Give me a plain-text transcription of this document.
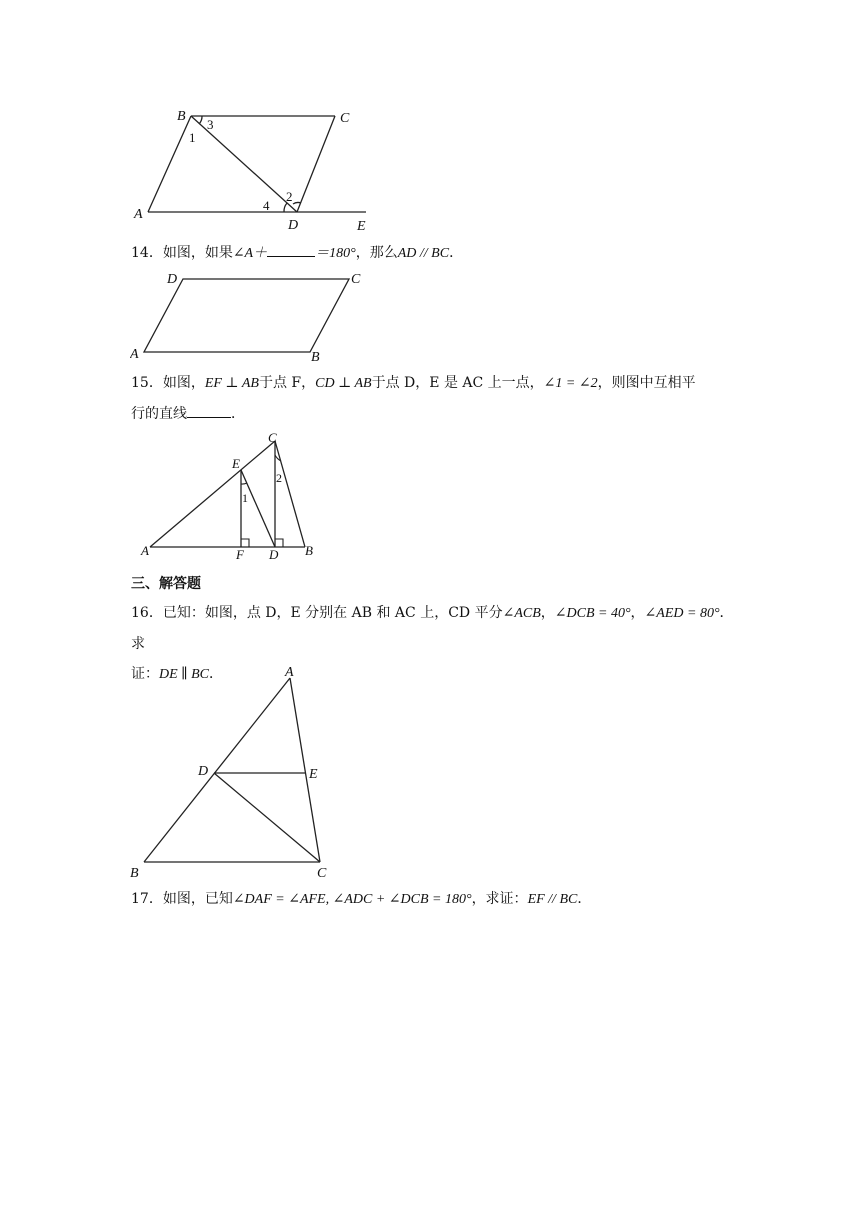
B	C
A
D	E
1
3
2
4
14．如图，如果∠A＋	＝180°，那么AD // BC．
D	C
A	B
15．如图，EF ⊥ AB于点 F，CD ⊥ AB于点 D，E 是 AC 上一点，∠1 = ∠2，则图中互相平
行的直线	．
C
E
A	F D B
1
2
三、解答题
16．已知：如图，点 D，E 分别在 AB 和 AC 上，CD 平分∠ACB，∠DCB = 40°，∠AED = 80°．求
证：DE ∥ BC．	A
D	E
B	C
17．如图，已知∠DAF = ∠AFE, ∠ADC + ∠DCB = 180°，求证：EF // BC．
